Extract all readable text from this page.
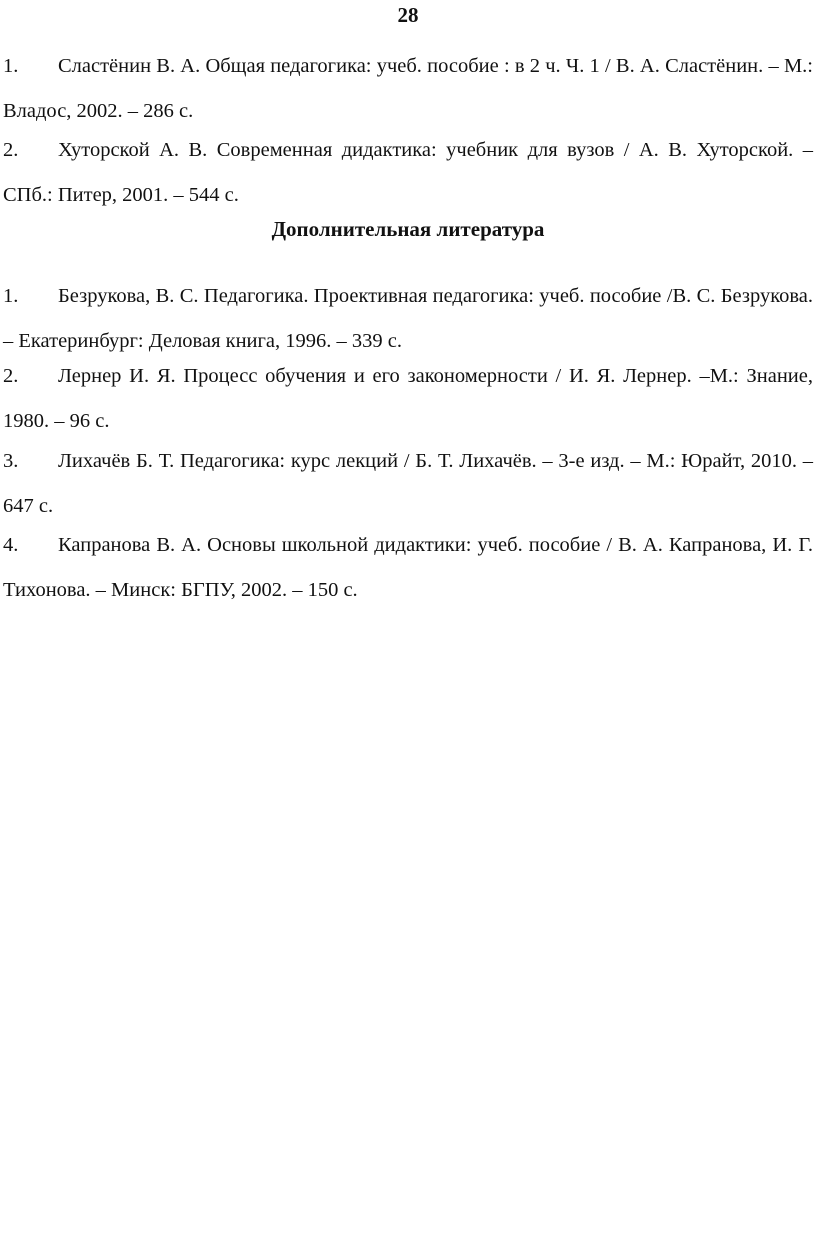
28
1. Сластёнин В. А. Общая педагогика: учеб. пособие : в 2 ч. Ч. 1 / В. А. Сластёнин. – М.: Владос, 2002. – 286 с.
2. Хуторской А. В. Современная дидактика: учебник для вузов / А. В. Хуторской. – СПб.: Питер, 2001. – 544 с.
Дополнительная литература
1. Безрукова, В. С. Педагогика. Проективная педагогика: учеб. пособие /В. С. Безрукова. – Екатеринбург: Деловая книга, 1996. – 339 с.
2. Лернер И. Я. Процесс обучения и его закономерности / И. Я. Лернер. –М.: Знание, 1980. – 96 с.
3. Лихачёв Б. Т. Педагогика: курс лекций / Б. Т. Лихачёв. – 3-е изд. – М.: Юрайт, 2010. – 647 с.
4. Капранова В. А. Основы школьной дидактики: учеб. пособие / В. А. Капранова, И. Г. Тихонова. – Минск: БГПУ, 2002. – 150 с.
